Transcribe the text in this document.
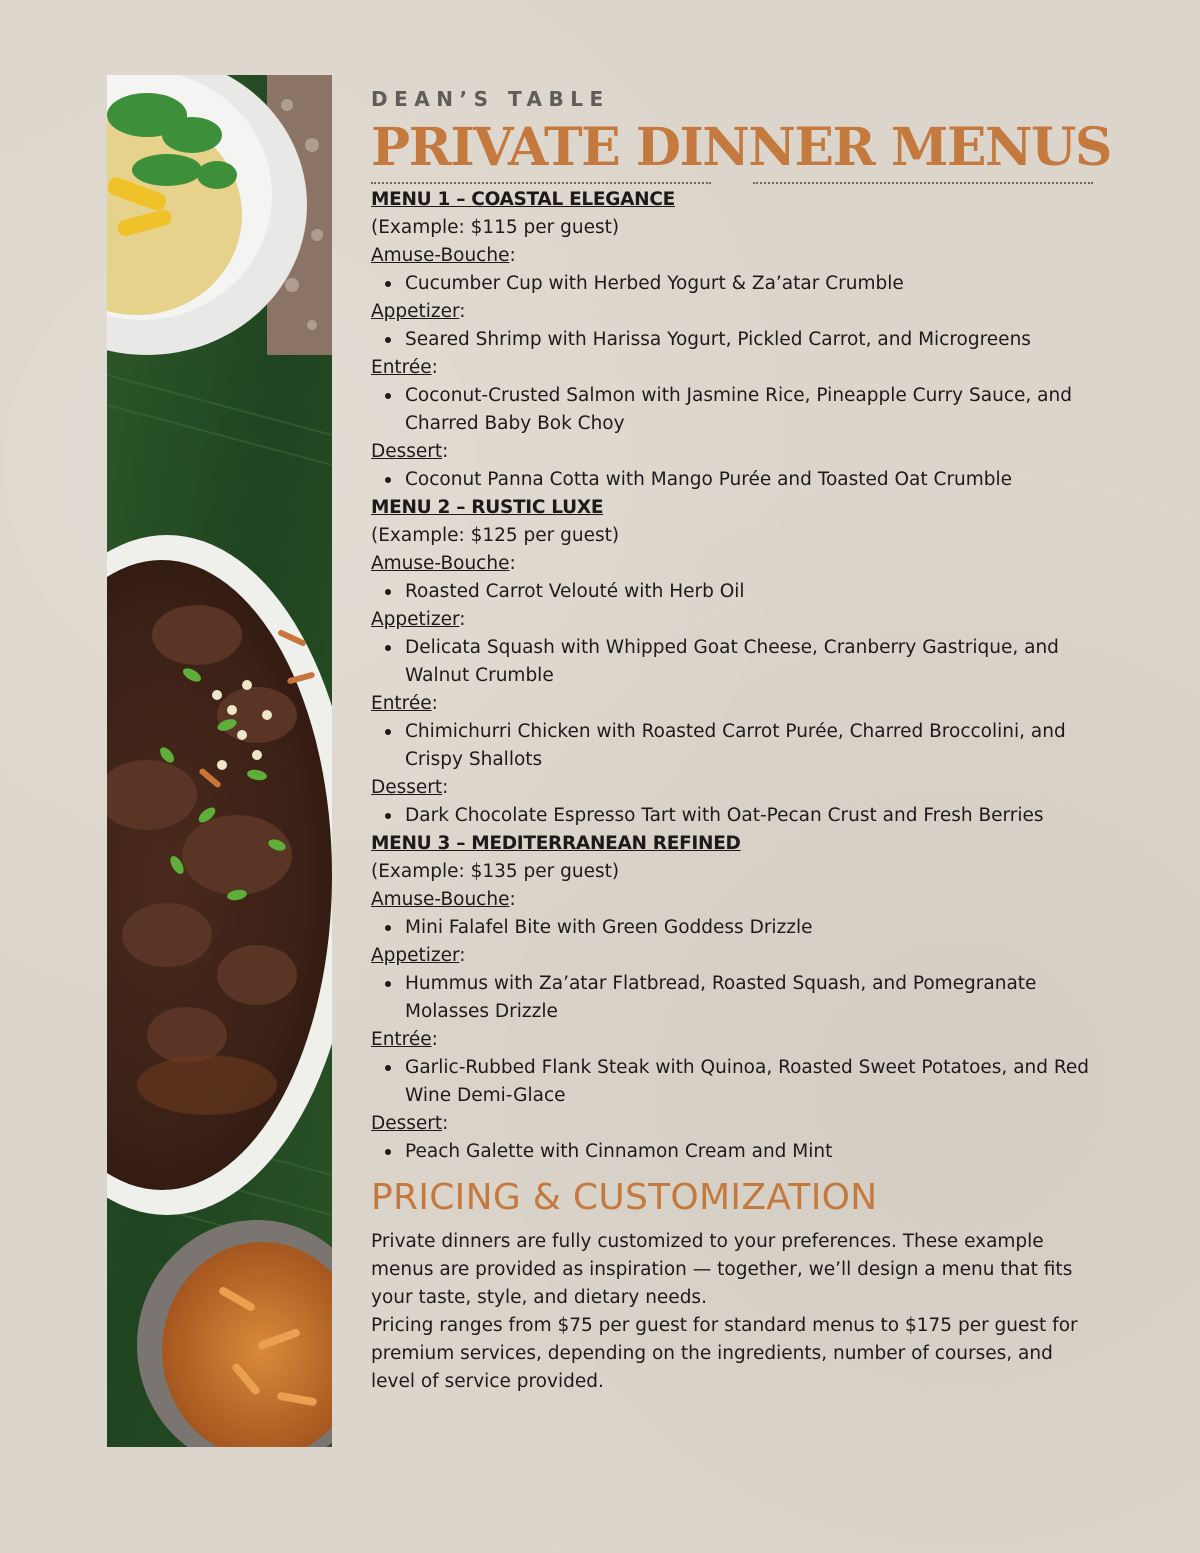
DEAN’S TABLE
PRIVATE DINNER MENUS
MENU 1 – COASTAL ELEGANCE
(Example: $115 per guest)
Amuse-Bouche:
Cucumber Cup with Herbed Yogurt & Za’atar Crumble
Appetizer:
Seared Shrimp with Harissa Yogurt, Pickled Carrot, and Microgreens
Entrée:
Coconut-Crusted Salmon with Jasmine Rice, Pineapple Curry Sauce, and Charred Baby Bok Choy
Dessert:
Coconut Panna Cotta with Mango Purée and Toasted Oat Crumble
MENU 2 – RUSTIC LUXE
(Example: $125 per guest)
Amuse-Bouche:
Roasted Carrot Velouté with Herb Oil
Appetizer:
Delicata Squash with Whipped Goat Cheese, Cranberry Gastrique, and Walnut Crumble
Entrée:
Chimichurri Chicken with Roasted Carrot Purée, Charred Broccolini, and Crispy Shallots
Dessert:
Dark Chocolate Espresso Tart with Oat-Pecan Crust and Fresh Berries
MENU 3 – MEDITERRANEAN REFINED
(Example: $135 per guest)
Amuse-Bouche:
Mini Falafel Bite with Green Goddess Drizzle
Appetizer:
Hummus with Za’atar Flatbread, Roasted Squash, and Pomegranate Molasses Drizzle
Entrée:
Garlic-Rubbed Flank Steak with Quinoa, Roasted Sweet Potatoes, and Red Wine Demi-Glace
Dessert:
Peach Galette with Cinnamon Cream and Mint
PRICING & CUSTOMIZATION

Private dinners are fully customized to your preferences. These example menus are provided as inspiration — together, we’ll design a menu that fits your taste, style, and dietary needs.

Pricing ranges from $75 per guest for standard menus to $175 per guest for premium services, depending on the ingredients, number of courses, and level of service provided.
